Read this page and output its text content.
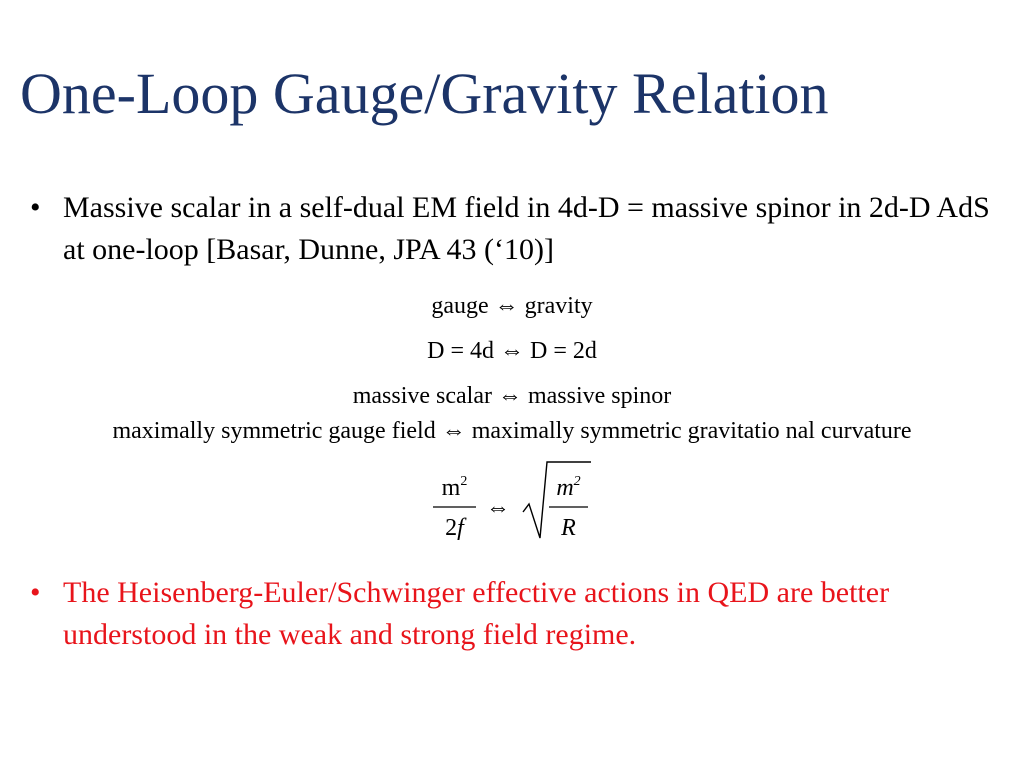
One-Loop Gauge/Gravity Relation
• Massive scalar in a self-dual EM field in 4d-D = massive spinor in 2d-D AdS at one-loop [Basar, Dunne, JPA 43 (‘10)]
gauge ⇔ gravity
D = 4d ⇔ D = 2d
massive scalar ⇔ massive spinor
maximally symmetric gauge field ⇔ maximally symmetric gravitatio nal curvature
$m^2$
2f
⇔
$m^2$
R
• The Heisenberg-Euler/Schwinger effective actions in QED are better understood in the weak and strong field regime.
